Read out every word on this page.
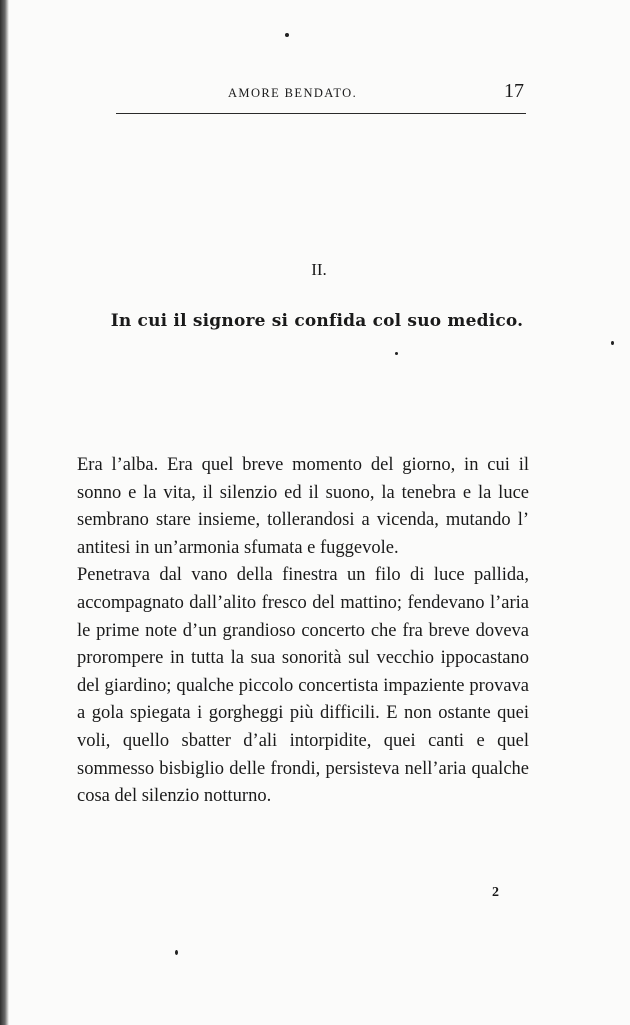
AMORE BENDATO.	17
II.
In cui il signore si confida col suo medico.

Era l’alba. Era quel breve momento del giorno, in cui il sonno e la vita, il silenzio ed il suono, la tenebra e la luce sembrano stare insieme, tollerandosi a vicenda, mutando l’ antitesi in un’armonia sfumata e fuggevole.

Penetrava dal vano della finestra un filo di luce pallida, accompagnato dall’alito fresco del mattino; fendevano l’aria le prime note d’un grandioso concerto che fra breve doveva prorompere in tutta la sua sonorità sul vecchio ippocastano del giardino; qualche piccolo concertista impaziente provava a gola spiegata i gorgheggi più difficili. E non ostante quei voli, quello sbatter d’ali intorpidite, quei canti e quel sommesso bisbiglio delle frondi, persisteva nell’aria qualche cosa del silenzio notturno.

2
